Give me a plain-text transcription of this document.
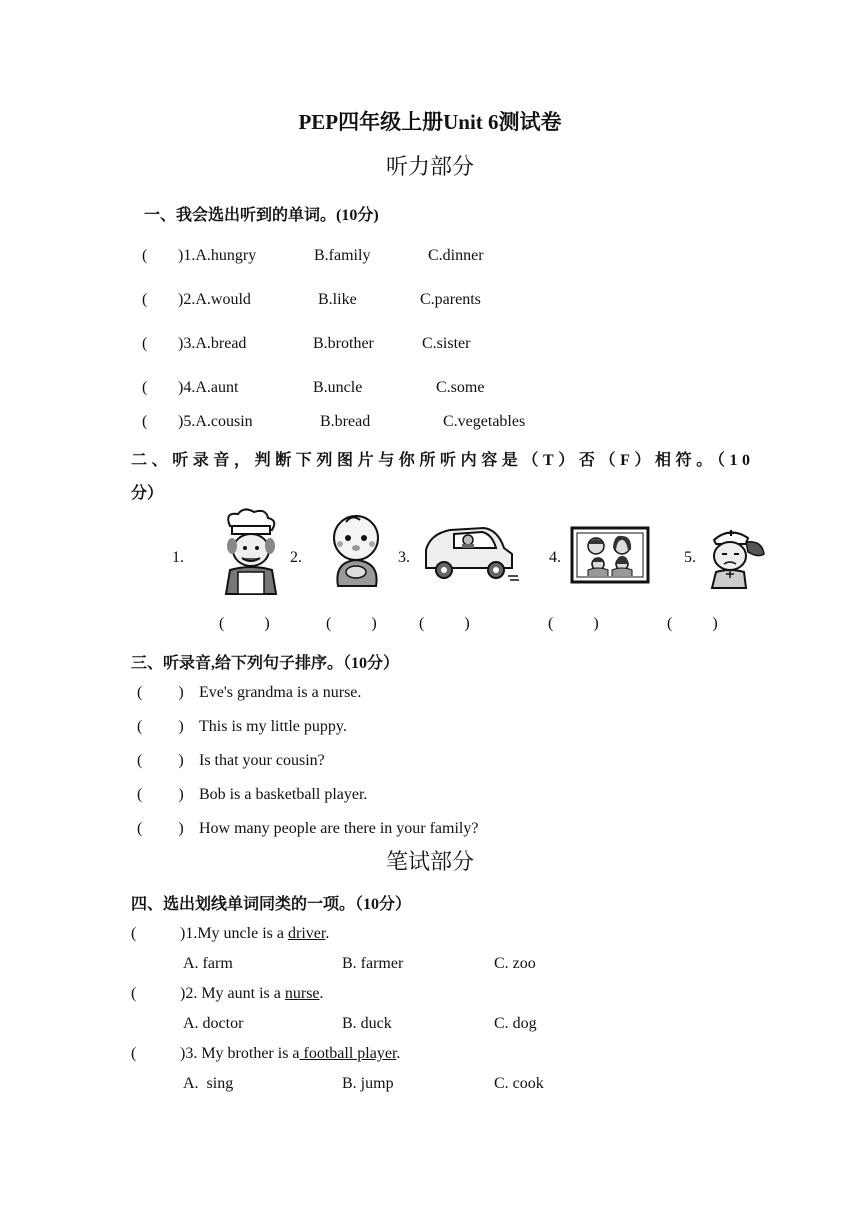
PEP四年级上册Unit 6测试卷
听力部分
一、我会选出听到的单词。(10分)
( )1.A.hungry	B.family	C.dinner
( )2.A.would	B.like	C.parents
( )3.A.bread	B.brother	C.sister
( )4.A.aunt	B.uncle	C.some
( )5.A.cousin	B.bread	C.vegetables
二、听录音，判断下列图片与你所听内容是（T）否（F）相符。（10
分）
1.	2.	3.	4.	5.
(          )	(          )	(          )	(          )	(          )
三、听录音,给下列句子排序。（10分）
(         ) Eve's grandma is a nurse.
(         ) This is my little puppy.
(         ) Is that your cousin?
(         ) Bob is a basketball player.
(         ) How many people are there in your family?
笔试部分
四、选出划线单词同类的一项。（10分）
(	)1.My uncle is a driver.
A. farm	B. farmer	C. zoo
(	)2. My aunt is a nurse.
A. doctor	B. duck	C. dog
(	)3. My brother is a football player.
A.  sing	B. jump	C. cook
